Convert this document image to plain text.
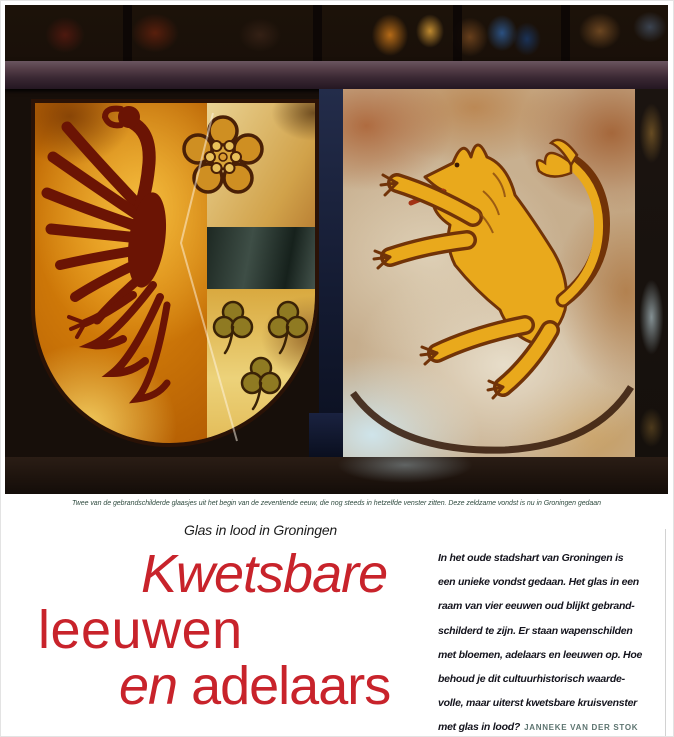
Twee van de gebrandschilderde glaasjes uit het begin van de zeventiende eeuw, die nog steeds in hetzelfde venster zitten. Deze zeldzame vondst is nu in Groningen gedaan
Glas in lood in Groningen
Kwetsbare
leeuwen
en adelaars
In het oude stadshart van Groningen is
een unieke vondst gedaan. Het glas in een
raam van vier eeuwen oud blijkt gebrand-
schilderd te zijn. Er staan wapenschilden
met bloemen, adelaars en leeuwen op. Hoe
behoud je dit cultuurhistorisch waarde-
volle, maar uiterst kwetsbare kruisvenster
met glas in lood? JANNEKE VAN DER STOK
